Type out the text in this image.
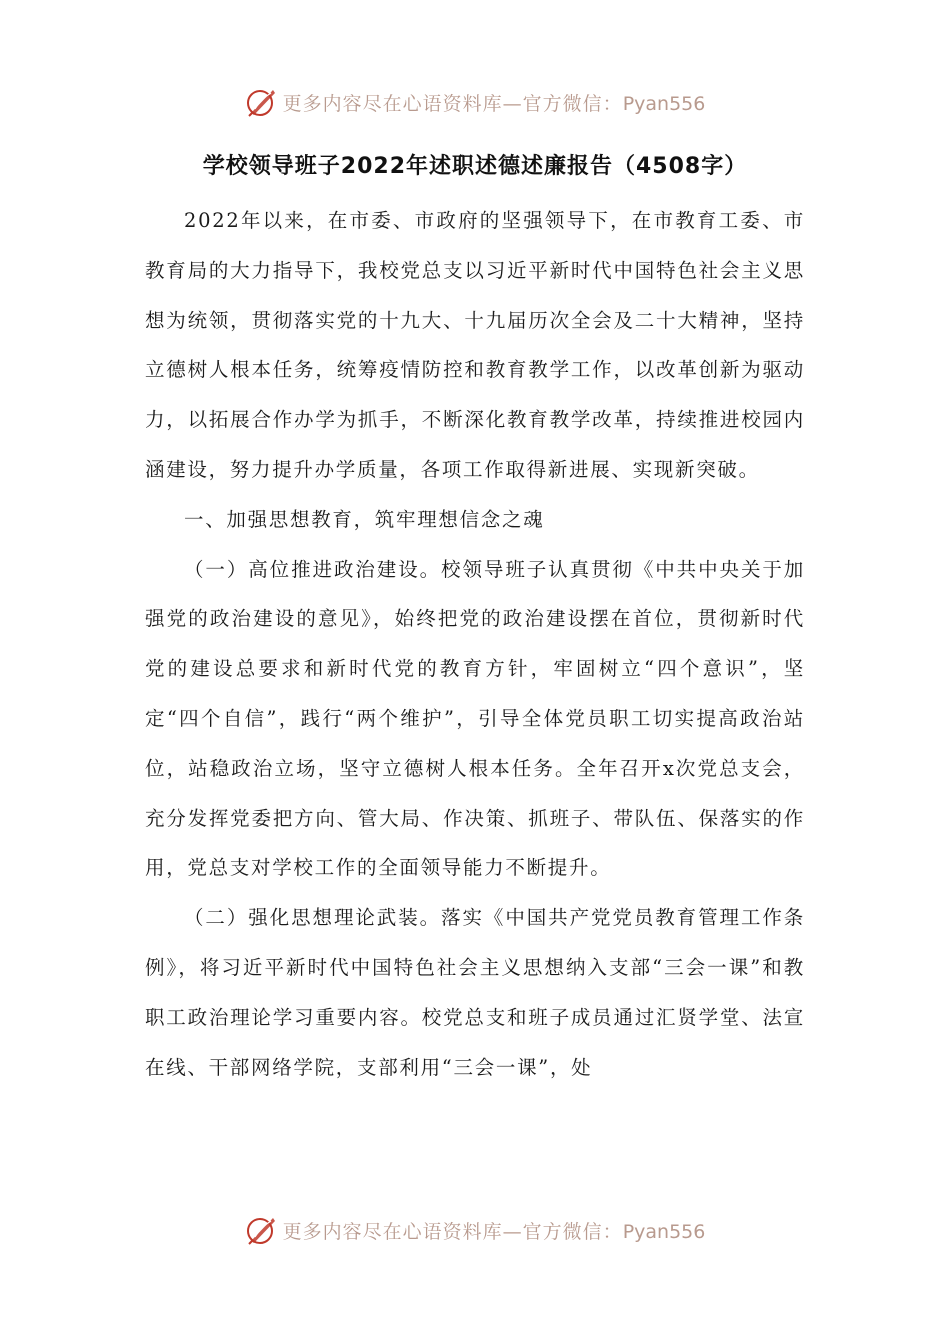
更多内容尽在心语资料库—官方微信：Pyan556
学校领导班子2022年述职述德述廉报告（4508字）

2022年以来，在市委、市政府的坚强领导下，在市教育工委、市教育局的大力指导下，我校党总支以习近平新时代中国特色社会主义思想为统领，贯彻落实党的十九大、十九届历次全会及二十大精神，坚持立德树人根本任务，统筹疫情防控和教育教学工作，以改革创新为驱动力，以拓展合作办学为抓手，不断深化教育教学改革，持续推进校园内涵建设，努力提升办学质量，各项工作取得新进展、实现新突破。

一、加强思想教育，筑牢理想信念之魂

（一）高位推进政治建设。校领导班子认真贯彻《中共中央关于加强党的政治建设的意见》，始终把党的政治建设摆在首位，贯彻新时代党的建设总要求和新时代党的教育方针，牢固树立“四个意识”，坚定“四个自信”，践行“两个维护”，引导全体党员职工切实提高政治站位，站稳政治立场，坚守立德树人根本任务。全年召开x次党总支会，充分发挥党委把方向、管大局、作决策、抓班子、带队伍、保落实的作用，党总支对学校工作的全面领导能力不断提升。

（二）强化思想理论武装。落实《中国共产党党员教育管理工作条例》，将习近平新时代中国特色社会主义思想纳入支部“三会一课”和教职工政治理论学习重要内容。校党总支和班子成员通过汇贤学堂、法宣在线、干部网络学院，支部利用“三会一课”，处

更多内容尽在心语资料库—官方微信：Pyan556
